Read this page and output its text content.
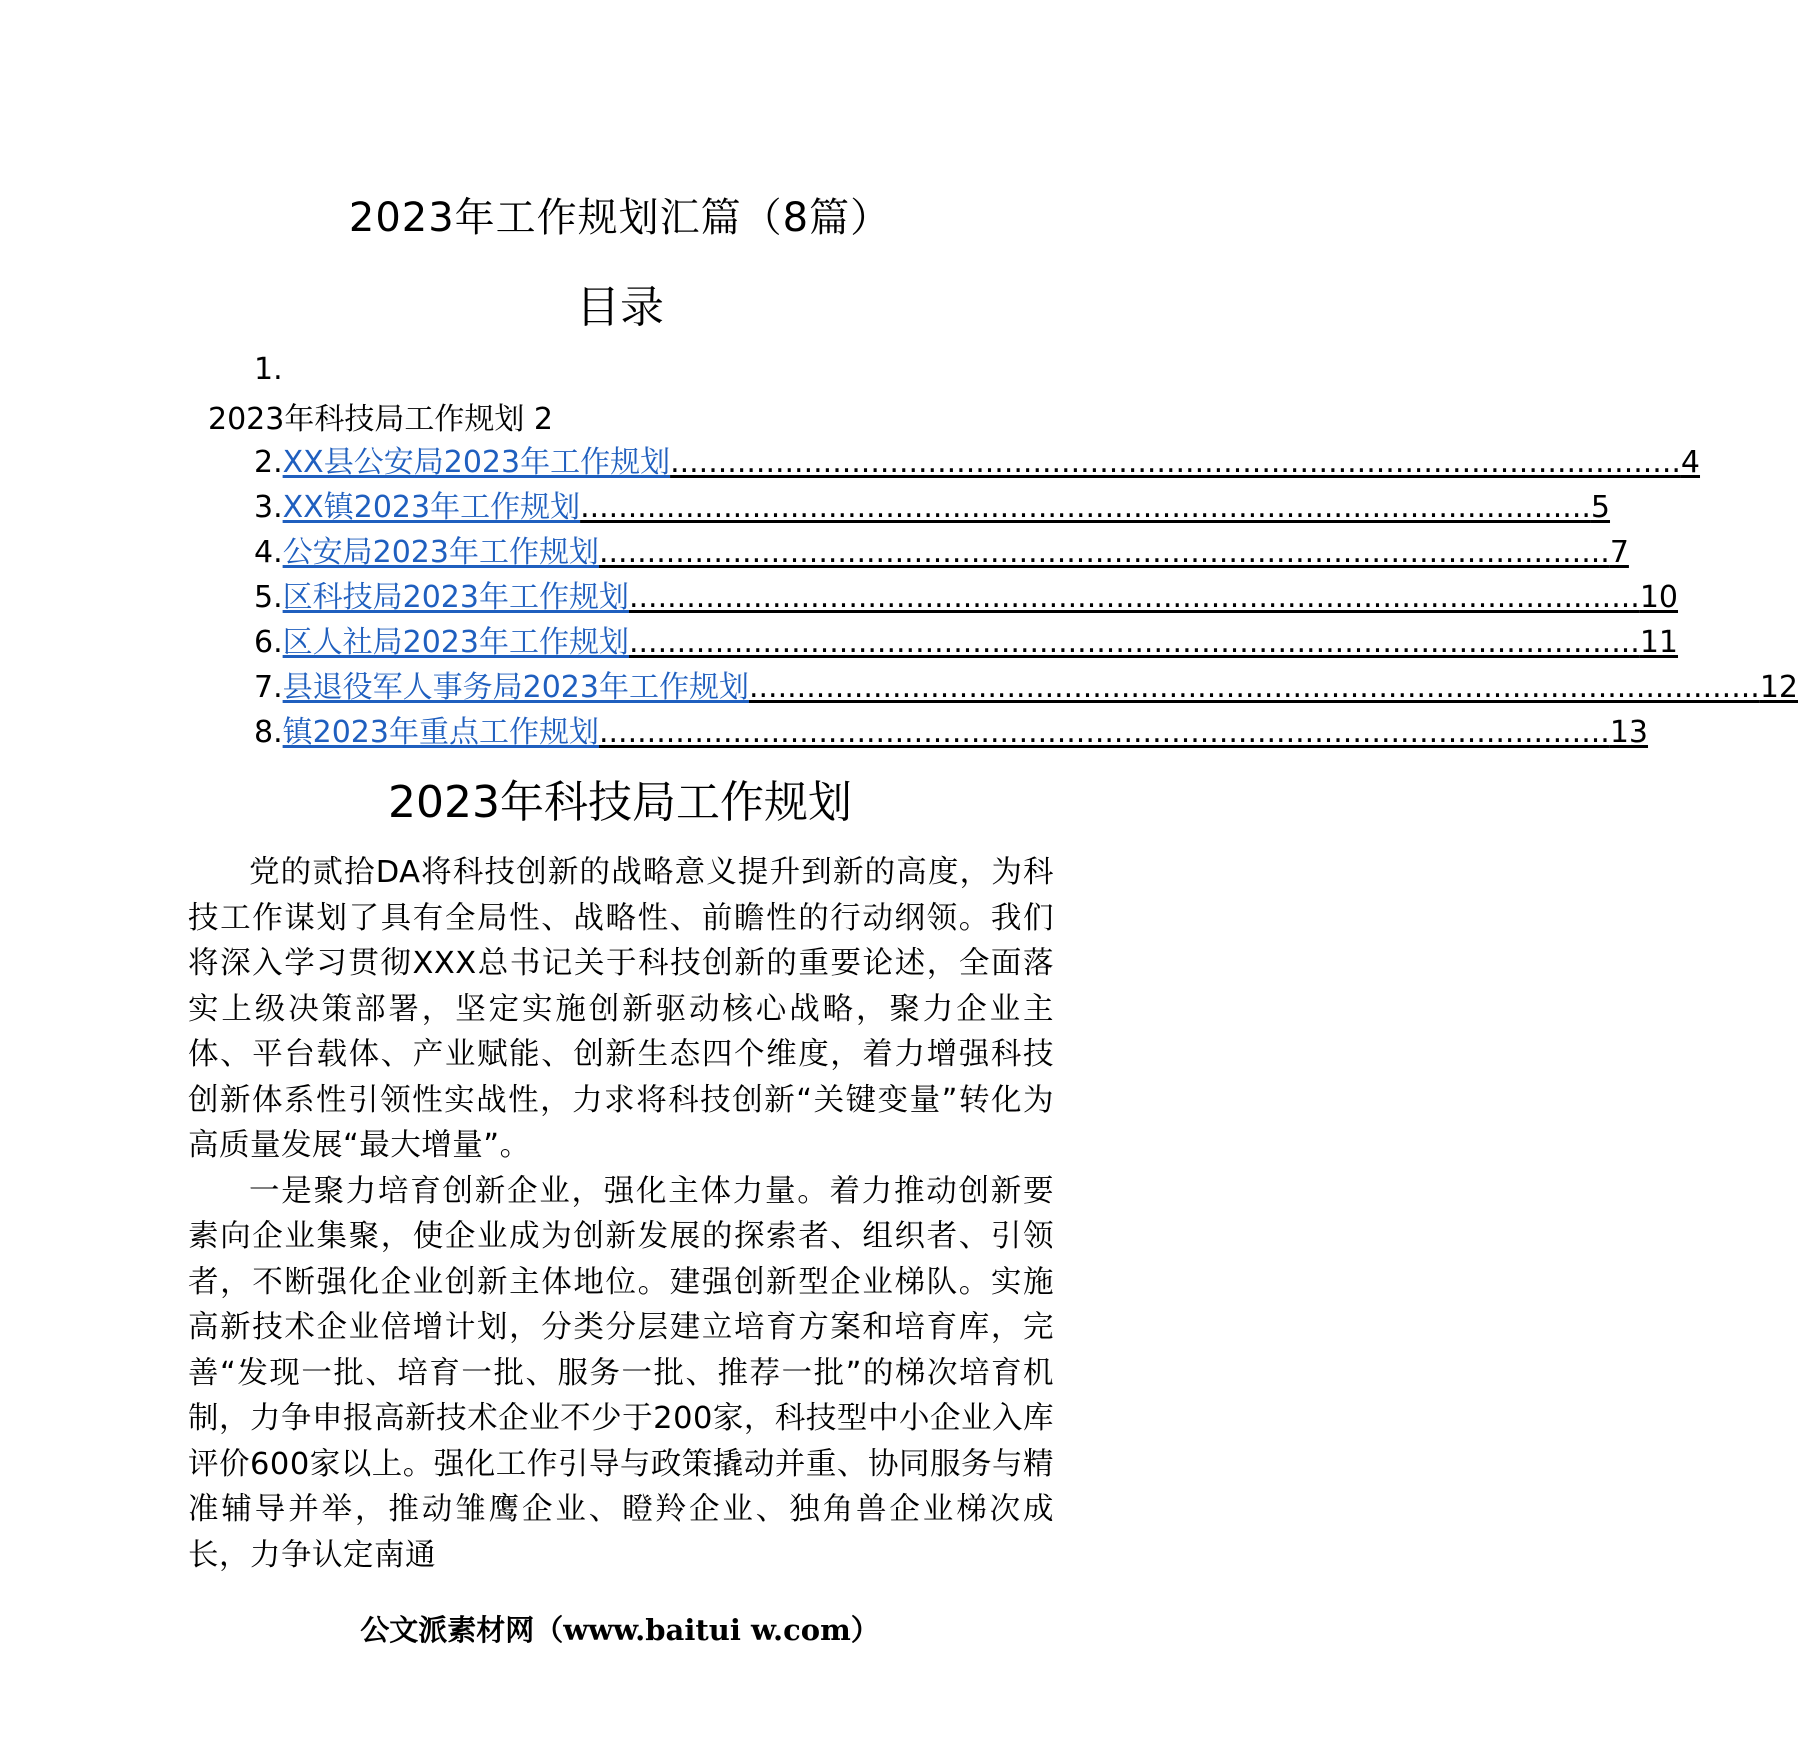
2023年工作规划汇篇（8篇）
目录
1.
2023年科技局工作规划 2
2. XX县公安局2023年工作规划 .......................................................................................................... 4
3. XX镇2023年工作规划 .......................................................................................................... 5
4. 公安局2023年工作规划 .......................................................................................................... 7
5. 区科技局2023年工作规划 .......................................................................................................... 10
6. 区人社局2023年工作规划 .......................................................................................................... 11
7. 县退役军人事务局2023年工作规划 .......................................................................................................... 12
8. 镇2023年重点工作规划 .......................................................................................................... 13
2023年科技局工作规划

党的贰拾DA将科技创新的战略意义提升到新的高度，为科技工作谋划了具有全局性、战略性、前瞻性的行动纲领。我们将深入学习贯彻XXX总书记关于科技创新的重要论述，全面落实上级决策部署，坚定实施创新驱动核心战略，聚力企业主体、平台载体、产业赋能、创新生态四个维度，着力增强科技创新体系性引领性实战性，力求将科技创新“关键变量”转化为高质量发展“最大增量”。

一是聚力培育创新企业，强化主体力量。着力推动创新要素向企业集聚，使企业成为创新发展的探索者、组织者、引领者，不断强化企业创新主体地位。建强创新型企业梯队。实施高新技术企业倍增计划，分类分层建立培育方案和培育库，完善“发现一批、培育一批、服务一批、推荐一批”的梯次培育机制，力争申报高新技术企业不少于200家，科技型中小企业入库评价600家以上。强化工作引导与政策撬动并重、协同服务与精准辅导并举，推动雏鹰企业、瞪羚企业、独角兽企业梯次成长，力争认定南通

公文派素材网（www.baitui w.com）
